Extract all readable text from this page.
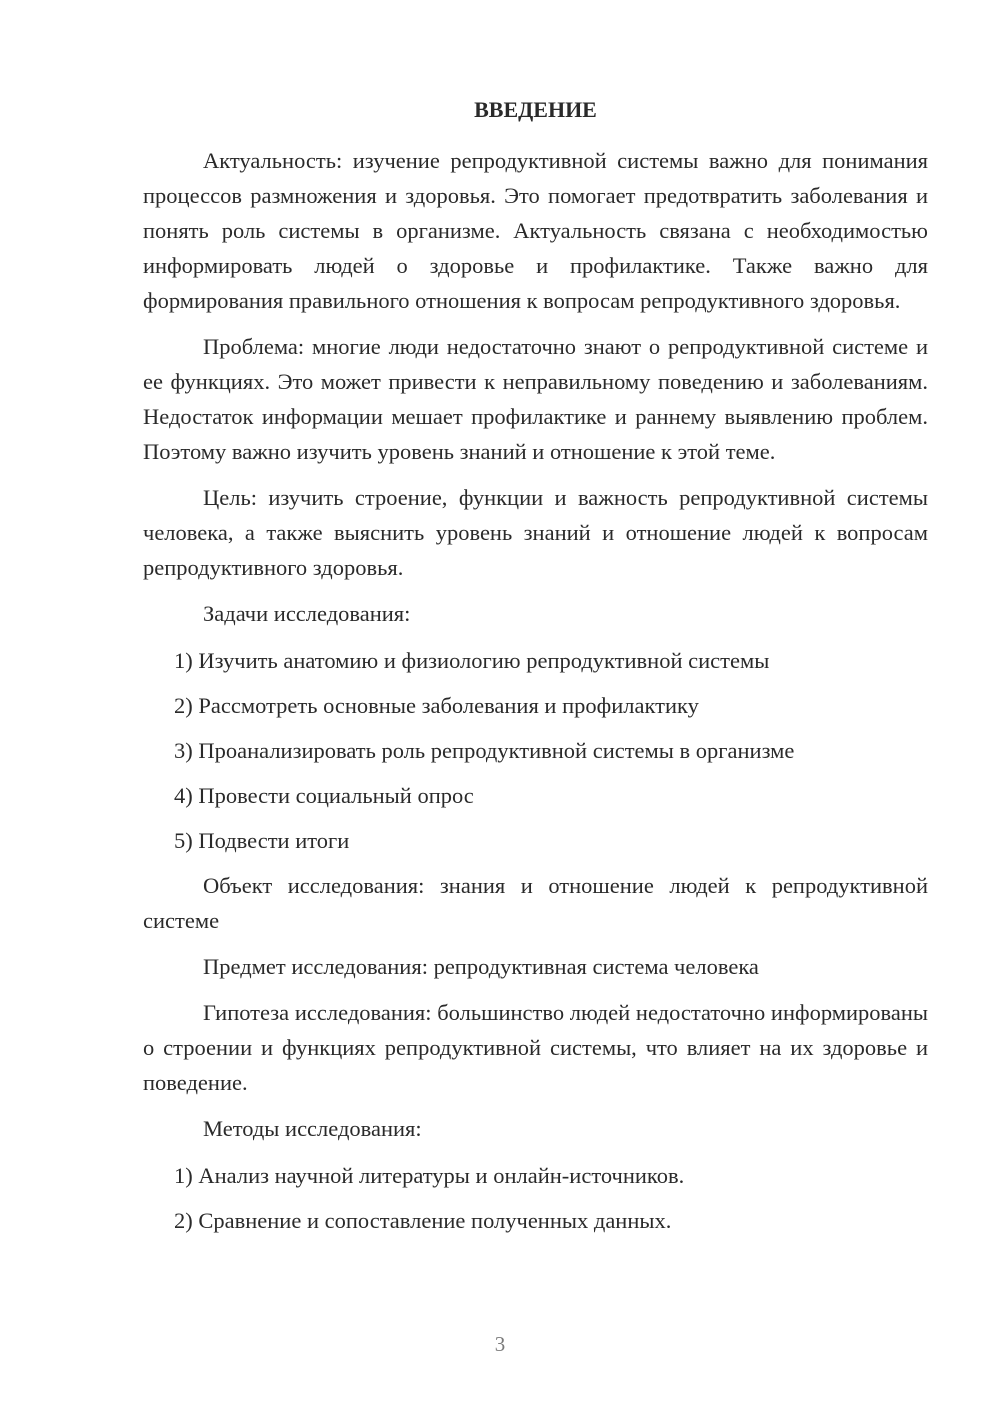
ВВЕДЕНИЕ

Актуальность: изучение репродуктивной системы важно для понимания процессов размножения и здоровья. Это помогает предотвратить заболевания и понять роль системы в организме. Актуальность связана с необходимостью информировать людей о здоровье и профилактике. Также важно для формирования правильного отношения к вопросам репродуктивного здоровья.

Проблема: многие люди недостаточно знают о репродуктивной системе и ее функциях. Это может привести к неправильному поведению и заболеваниям. Недостаток информации мешает профилактике и раннему выявлению проблем. Поэтому важно изучить уровень знаний и отношение к этой теме.

Цель: изучить строение, функции и важность репродуктивной системы человека, а также выяснить уровень знаний и отношение людей к вопросам репродуктивного здоровья.

Задачи исследования:

1) Изучить анатомию и физиологию репродуктивной системы
2) Рассмотреть основные заболевания и профилактику
3) Проанализировать роль репродуктивной системы в организме
4) Провести социальный опрос
5) Подвести итоги

Объект исследования: знания и отношение людей к репродуктивной системе

Предмет исследования: репродуктивная система человека

Гипотеза исследования: большинство людей недостаточно информированы о строении и функциях репродуктивной системы, что влияет на их здоровье и поведение.

Методы исследования:

1) Анализ научной литературы и онлайн-источников.
2) Сравнение и сопоставление полученных данных.
3
